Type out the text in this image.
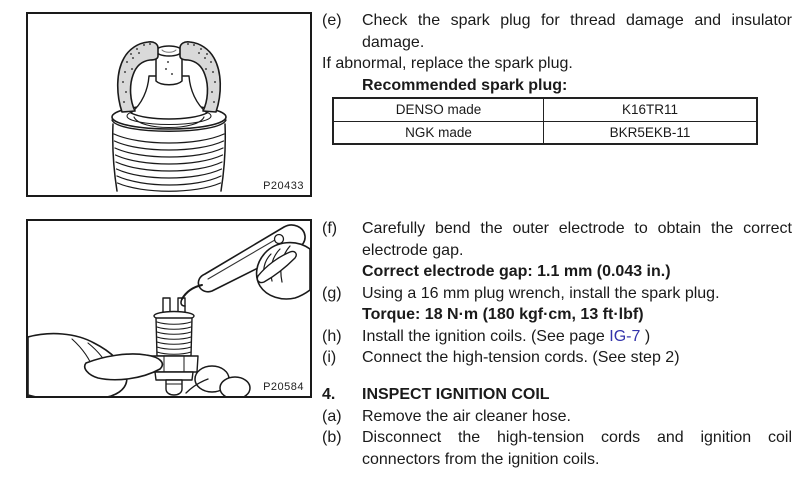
P20433
P20584
(e)	Check the spark plug for thread damage and insulator damage.
If abnormal, replace the spark plug.
Recommended spark plug:
DENSO made	K16TR11
NGK made	BKR5EKB-11
(f)	Carefully bend the outer electrode to obtain the correct electrode gap.
Correct electrode gap: 1.1 mm (0.043 in.)
(g)	Using a 16 mm plug wrench, install the spark plug.
Torque: 18 N·m (180 kgf·cm, 13 ft·lbf)
(h)	Install the ignition coils. (See page IG-7 )
(i)	Connect the high-tension cords. (See step 2)
4.	INSPECT IGNITION COIL
(a)	Remove the air cleaner hose.
(b)	Disconnect the high-tension cords and ignition coil connectors from the ignition coils.
